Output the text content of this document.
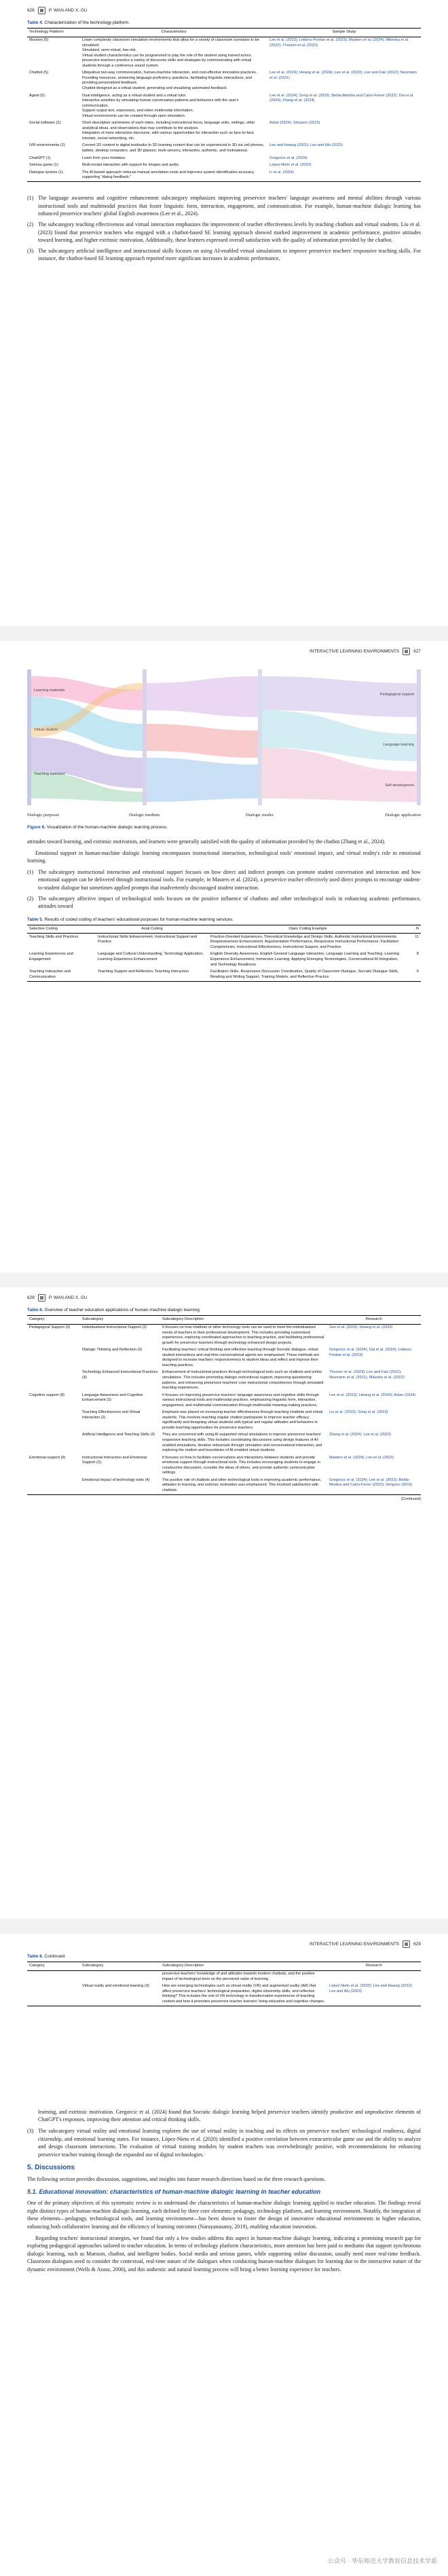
626	P. WAN AND X. GU
Table 4. Characterization of the technology platform.
Technology Platform	Characteristics	Sample Study
Mursion (5)	Lower complexity classroom simulation environments that allow for a variety of classroom scenarios to be simulated.
Simulated, semi-virtual, low-risk.
Virtual student characteristics can be programmed to play the role of the student using trained actors.
preservice teachers practice a variety of discourse skills and strategies by communicating with virtual students through a conference sound system.	Lee et al. (2023); Leiberu-Ponbar et al. (2023); Masters et al. (2024); Mikeska et al. (2022); Thorsen et al. (2023)
Chatbot (5)	Ubiquitous two-way communication, human-machine interaction, and cost-effective innovative practices.
Providing resources, answering language proficiency questions, facilitating linguistic interactions, and providing personalized feedback.
Chatbot designed as a virtual student, generating and visualizing automated feedback.	Lee et al. (2024); Hwang et al. (2024); Lee et al. (2023); Lee and Faiz (2022); Neumann et al. (2021)
Agent (5)	Dual intelligence, acting as a virtual student and a virtual tutor.
Interactive activities by simulating human conversation patterns and behaviors with the user's communication.
Support output text, expression, and video multimodal information.
Virtual environments can be created through open simulation.	Lee et al. (2024); Song et al. (2023); Belda-Medina and Calvo-Ferrer (2022); Dai et al. (2024); Zhang et al. (2024)
Social software (2)	Short descriptive summaries of each video, including instructional focus, language units, settings, other analytical ideas, and observations that may contribute to the analysis.
Integration of more interactive discourse, with various opportunities for interaction such as face-to-face tutorials, social networking, etc.	Aslan (2024); Simpson (2015)
IVR environments (2)	Convert 2D content in digital textbooks to 3D learning content that can be experienced in 3D via cell phones, tablets, desktop computers, and 3D glasses; multi-sensory, interactive, authentic, and motivational.	Lee and Hwang (2022); Lee and Wu (2023)
ChatGPT (1)	Learn from your mistakes.	Gregorcic et al. (2024)
Seimou game (1)	Multi-modal interaction with support for images and audio.	López-Nieto et al. (2020)
Dialogue system (1)	The AI-based approach reduces manual annotation costs and improves system identification accuracy, supporting "dialog feedback."	Li et al. (2024)
(1) The language awareness and cognitive enhancement subcategory emphasizes improving preservice teachers' language awareness and mental abilities through various instructional tools and multimodal practices that foster linguistic form, interaction, engagement, and communication. For example, human-machine dialogic learning has enhanced preservice teachers' global English awareness (Lee et al., 2024).
(2) The subcategory teaching effectiveness and virtual interaction emphasizes the improvement of teacher effectiveness levels by teaching chatbots and virtual students. Liu et al. (2023) found that preservice teachers who engaged with a chatbot-based SE learning approach showed marked improvement in academic performance, positive attitudes toward learning, and higher extrinsic motivation. Additionally, these learners expressed overall satisfaction with the quality of information provided by the chatbot.
(3) The subcategory artificial intelligence and instructional skills focuses on using AI-enabled virtual simulations to improve preservice teachers' responsive teaching skills. For instance, the chatbot-based SE learning approach reported more significant increases in academic performance,
INTERACTIVE LEARNING ENVIRONMENTS	627
Learning materials
Virtual student
Teaching assistant
Pedagogical support
Language learning
Self-development
Dialogic purposes	Dialogic medium	Dialogic modes	Dialogic application
Figure 6. Visualization of the human-machine dialogic learning process.

attitudes toward learning, and extrinsic motivation, and learners were generally satisfied with the quality of information provided by the chatbot (Zhang et al., 2024).

Emotional support in human-machine dialogic learning encompasses instructional interaction, technological tools' emotional impact, and virtual reality's role in emotional learning.

(1) The subcategory instructional interaction and emotional support focuses on how direct and indirect prompts can promote student conversation and interaction and how emotional support can be delivered through instructional tools. For example, in Masters et al. (2024), a preservice teacher effectively used direct prompts to encourage student-to-student dialogue but sometimes applied prompts that inadvertently discouraged student interaction.
(2) The subcategory affective impact of technological tools focuses on the positive influence of chatbots and other technological tools in enhancing academic performance, attitudes toward
Table 5. Results of coded coding of teachers' educational purposes for human-machine learning services.
Selective Coding	Axial Coding	Open Coding Example	N
Teaching Skills and Practices	Instructional Skills Enhancement, Instructional Support and Practice	Practice-Oriented Experiences, Theoretical Knowledge and Design Skills, Authentic Instructional Environments, Responsiveness Enhancement, Argumentation Performance, Responsive Instructional Performance, Facilitation Competencies, Instructional Effectiveness, Instructional Support, and Practice	11
Learning Experiences and Engagement	Language and Cultural Understanding, Technology Application, Learning Experience Enhancement	English Diversity Awareness, English General Language Interaction, Language Learning and Teaching, Learning Experience Enhancement, Immersive Learning, Applying Emerging Technologies, Conversational AI Integration, and Technology Readiness	8
Teaching Interaction and Communication	Teaching Support and Reflection, Teaching Interaction	Facilitation Skills, Responsive Discussion Coordination, Quality of Classroom Dialogue, Socratic Dialogue Skills, Reading and Writing Support, Training Models, and Reflective Practice	6
628	P. WAN AND X. GU
Table 6. Overview of teacher education applications of human-machine dialogic learning.
Category	Subcategory	Subcategory Description	Research
Pedagogical Support (9)	Individualized Instructional Support (2)	It focuses on how chatbots or other technology tools can be used to meet the individualized needs of teachers in their professional development. This includes providing customized experiences, exploring coordinated approaches to teaching practice, and facilitating professional growth for preservice teachers through technology-enhanced design projects.	Seo et al. (2024); Hwang et al. (2024)
	Dialogic Thinking and Reflection (3)	Facilitating teachers' critical thinking and reflective teaching through Socratic dialogue, virtual student interactions and real-time conversational agents are emphasized. These methods are designed to increase teachers' responsiveness to student ideas and reflect and improve their teaching practices.	Gregorcic et al. (2024); Dai et al. (2024); Leiberu-Ponbar et al. (2023)
	Technology Enhanced Instructional Practices (4)	Enhancement of instructional practices through technological tools such as chatbots and online simulations. This includes promoting dialogic instructional support, improving questioning patterns, and enhancing preservice teachers' core instructional competencies through simulated teaching experiences.	Thorsen et al. (2023); Lee and Faiz (2022); Neumann et al. (2021); Mikeska et al. (2022)
Cognitive support (8)	Language Awareness and Cognitive Enhancement (3)	It focuses on improving preservice teachers' language awareness and cognitive skills through various instructional tools and multimodal practices, emphasizing linguistic form, interaction, engagement, and multimodal communication through multimodal meaning-making practices.	Lee et al. (2023); Hwang et al. (2024); Aslan (2024)
	Teaching Effectiveness and Virtual Interaction (2)	Emphasis was placed on increasing teacher effectiveness through teaching chatbots and virtual students. This involves teaching regular chatbot participants to improve teacher efficacy significantly and designing virtual students with typical and regular attitudes and behaviors to provide teaching opportunities for preservice teachers.	Liu et al. (2023); Song et al. (2023)
	Artificial Intelligence and Teaching Skills (3)	They are concerned with using AI-supported virtual simulations to improve preservice teachers' responsive teaching skills. This includes coordinating discussions using design features of AI-enabled simulations, iterative rehearsals through simulation and conversational interaction, and exploring the realism and boundaries of AI-enabled virtual students.	Zhang et al. (2024); Lee et al. (2023)
Emotional support (9)	Instructional Interaction and Emotional Support (2)	It focuses on how to facilitate conversations and interactions between students and provide emotional support through instructional tools. This includes encouraging students to engage in constructive discussion, consider the ideas of others, and provide authentic communication settings.	Masters et al. (2024); Lee et al. (2023)
	Emotional impact of technology tools (4)	The positive role of chatbots and other technological tools in improving academic performance, attitudes to learning, and extrinsic motivation was emphasized. This involved satisfaction with chatbots.	Gregorcic et al. (2024); Lee et al. (2023); Belda-Medina and Calvo-Ferrer (2022); Simpson (2015)
(Continued)
INTERACTIVE LEARNING ENVIRONMENTS	629
Table 6. Continued.
Category	Subcategory	Subcategory Description	Research
		preservice teachers' knowledge of and attitudes towards modern chatbots, and the positive impact of technological tools on the perceived value of learning.	
	Virtual reality and emotional learning (3)	How are emerging technologies such as virtual reality (VR) and augmented reality (AR) that affect preservice teachers' technological preparation, digital citizenship skills, and reflective thinking? This includes the role of VR technology in transformative experiences of teaching content and how it promotes preservice teacher learners' living education and cognitive changes.	López-Nieto et al. (2020); Lee and Hwang (2022); Lee and Wu (2023)

learning, and extrinsic motivation. Gregorcic et al. (2024) found that Socratic dialogic learning helped preservice teachers identify productive and unproductive elements of ChatGPT's responses, improving their attention and critical thinking skills.

(3) The subcategory virtual reality and emotional learning explores the use of virtual reality in teaching and its effects on preservice teachers' technological readiness, digital citizenship, and emotional learning states. For instance, López-Nieto et al. (2020) identified a positive correlation between extracurricular game use and the ability to analyze and design classroom interactions. The evaluation of virtual training modules by student teachers was overwhelmingly positive, with recommendations for enhancing preservice teacher training through the expanded use of digital technologies.
5. Discussions

The following section provides discussion, suggestions, and insights into future research directions based on the three research questions.

5.1. Educational innovation: characteristics of human-machine dialogic learning in teacher education

One of the primary objectives of this systematic review is to understand the characteristics of human-machine dialogic learning applied to teacher education. The findings reveal eight distinct types of human-machine dialogic learning, each defined by three core elements: pedagogy, technology platform, and learning environment. Notably, the integration of these elements—pedagogy, technological tools, and learning environment—has been shown to foster the design of innovative educational environments in higher education, enhancing both collaborative learning and the efficiency of learning outcomes (Narayanasamy, 2019), enabling education innovation.

Regarding teachers' instructional strategies, we found that only a few studies address this aspect in human-machine dialogic learning, indicating a promising research gap for exploring pedagogical approaches tailored to teacher education. In terms of technology platform characteristics, more attention has been paid to mediums that support synchronous dialogic learning, such as Mursion, chatbot, and intelligent bodies. Social media and serious games, while supporting online discussion, usually need more real-time feedback. Classroom dialogues need to consider the contextual, real-time nature of the dialogues when conducting human-machine dialogues for learning due to the interactive nature of the dynamic environment (Wells & Arauz, 2006), and this authentic and natural learning process will bring a better learning experience for teachers.

公众号 · 华东师范大学教育信息技术学系
